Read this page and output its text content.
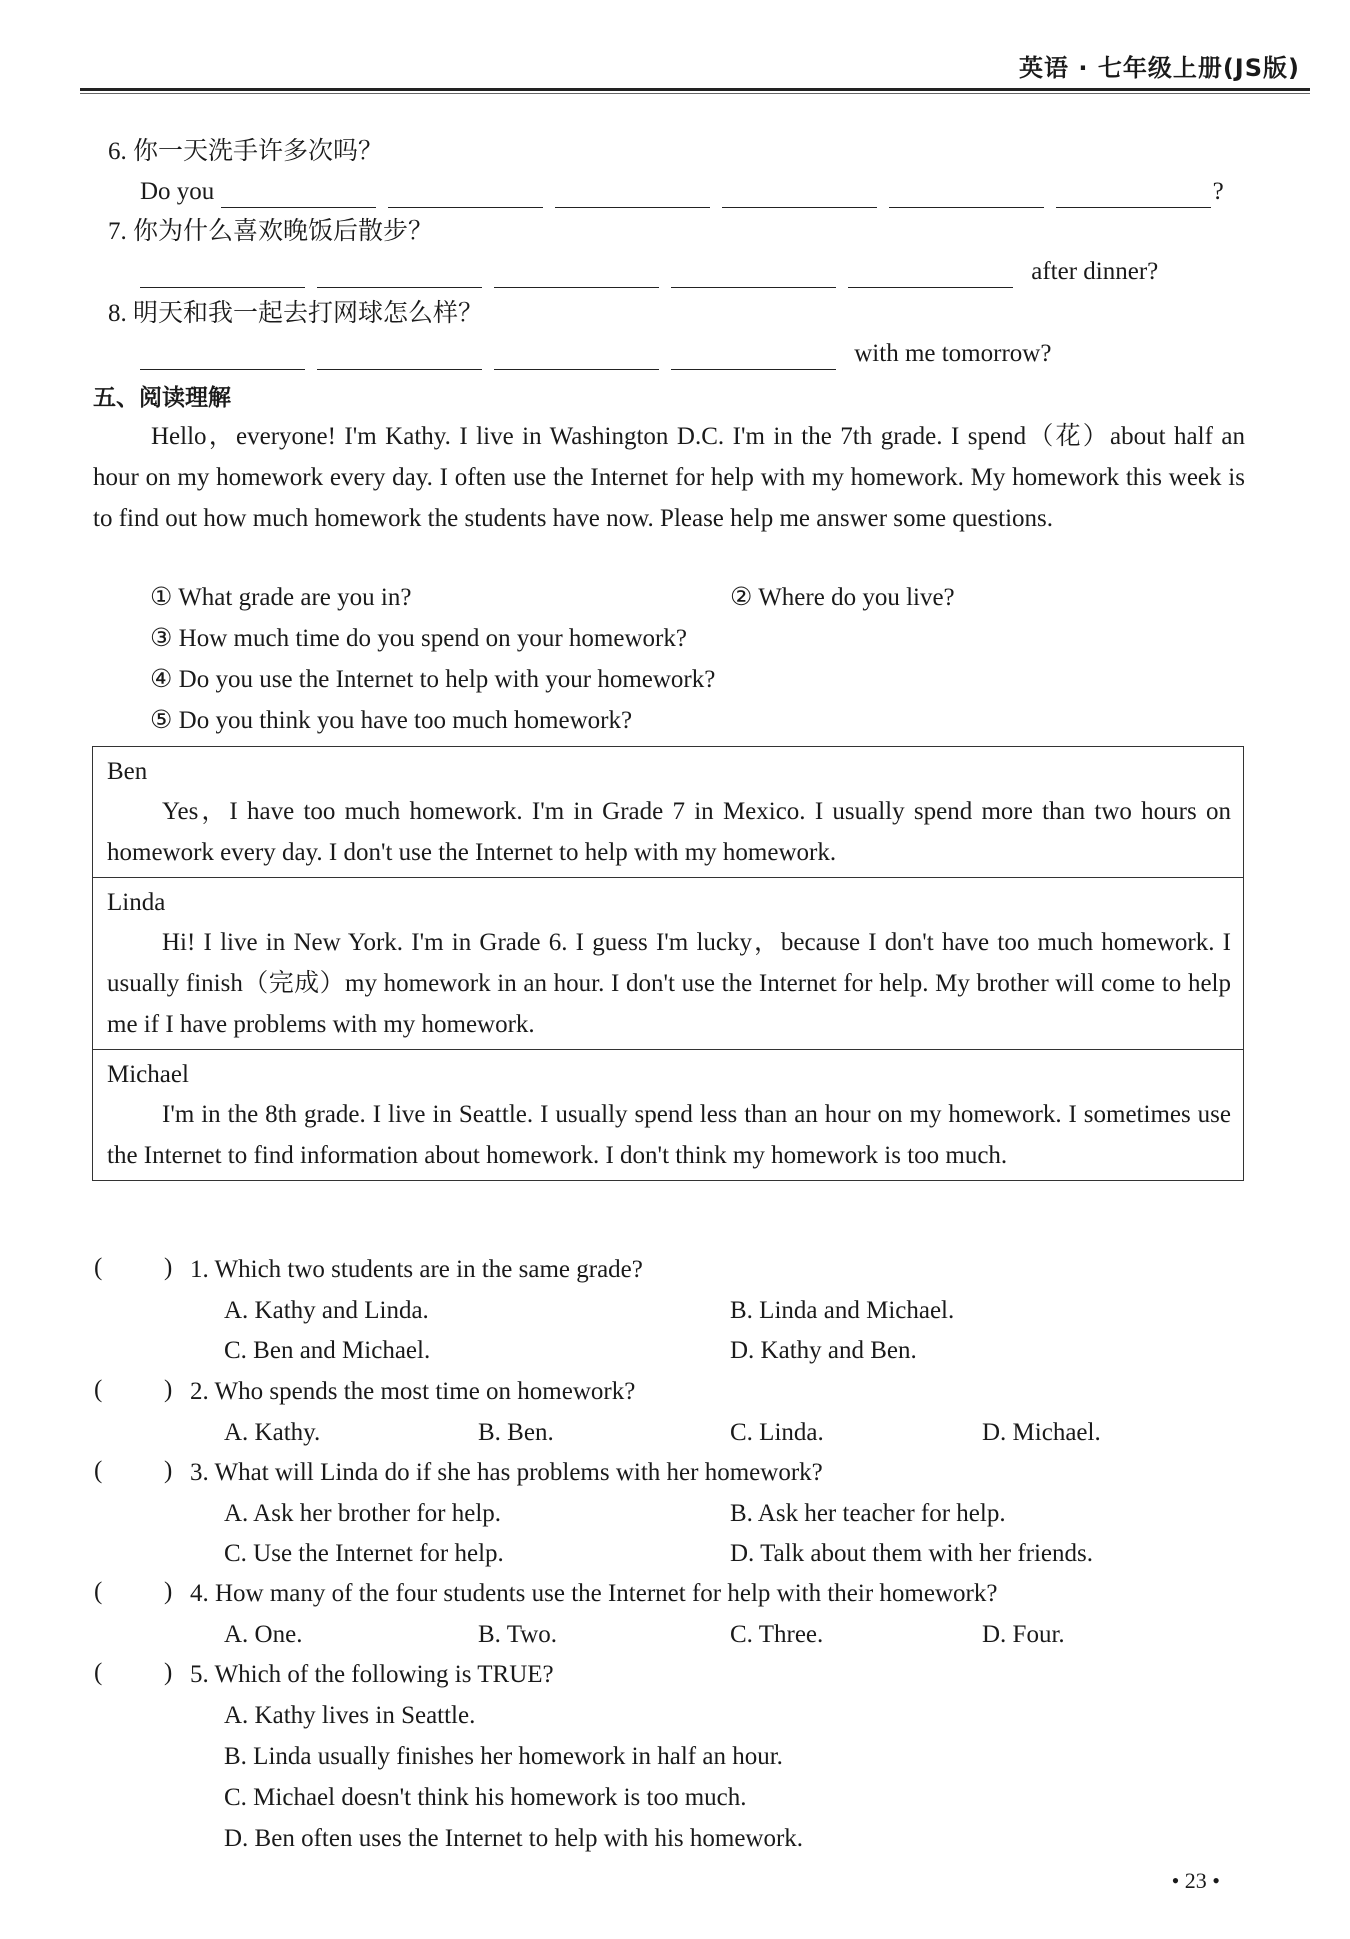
英语 · 七年级上册(JS版)
6. 你一天洗手许多次吗？
Do you	?
7. 你为什么喜欢晚饭后散步？
after dinner?
8. 明天和我一起去打网球怎么样？
with me tomorrow?
五、阅读理解
Hello，everyone! I'm Kathy. I live in Washington D.C. I'm in the 7th grade. I spend（花）about half an hour on my homework every day. I often use the Internet for help with my homework. My homework this week is to find out how much homework the students have now. Please help me answer some questions.
① What grade are you in?	② Where do you live?
③ How much time do you spend on your homework?
④ Do you use the Internet to help with your homework?
⑤ Do you think you have too much homework?
Ben
Yes，I have too much homework. I'm in Grade 7 in Mexico. I usually spend more than two hours on homework every day. I don't use the Internet to help with my homework.
Linda
Hi! I live in New York. I'm in Grade 6. I guess I'm lucky，because I don't have too much homework. I usually finish（完成）my homework in an hour. I don't use the Internet for help. My brother will come to help me if I have problems with my homework.
Michael
I'm in the 8th grade. I live in Seattle. I usually spend less than an hour on my homework. I sometimes use the Internet to find information about homework. I don't think my homework is too much.
( ) 1. Which two students are in the same grade?
A. Kathy and Linda.	B. Linda and Michael.
C. Ben and Michael.	D. Kathy and Ben.
( ) 2. Who spends the most time on homework?
A. Kathy.	B. Ben.	C. Linda.	D. Michael.
( ) 3. What will Linda do if she has problems with her homework?
A. Ask her brother for help.	B. Ask her teacher for help.
C. Use the Internet for help.	D. Talk about them with her friends.
( ) 4. How many of the four students use the Internet for help with their homework?
A. One.	B. Two.	C. Three.	D. Four.
( ) 5. Which of the following is TRUE?
A. Kathy lives in Seattle.
B. Linda usually finishes her homework in half an hour.
C. Michael doesn't think his homework is too much.
D. Ben often uses the Internet to help with his homework.
• 23 •
